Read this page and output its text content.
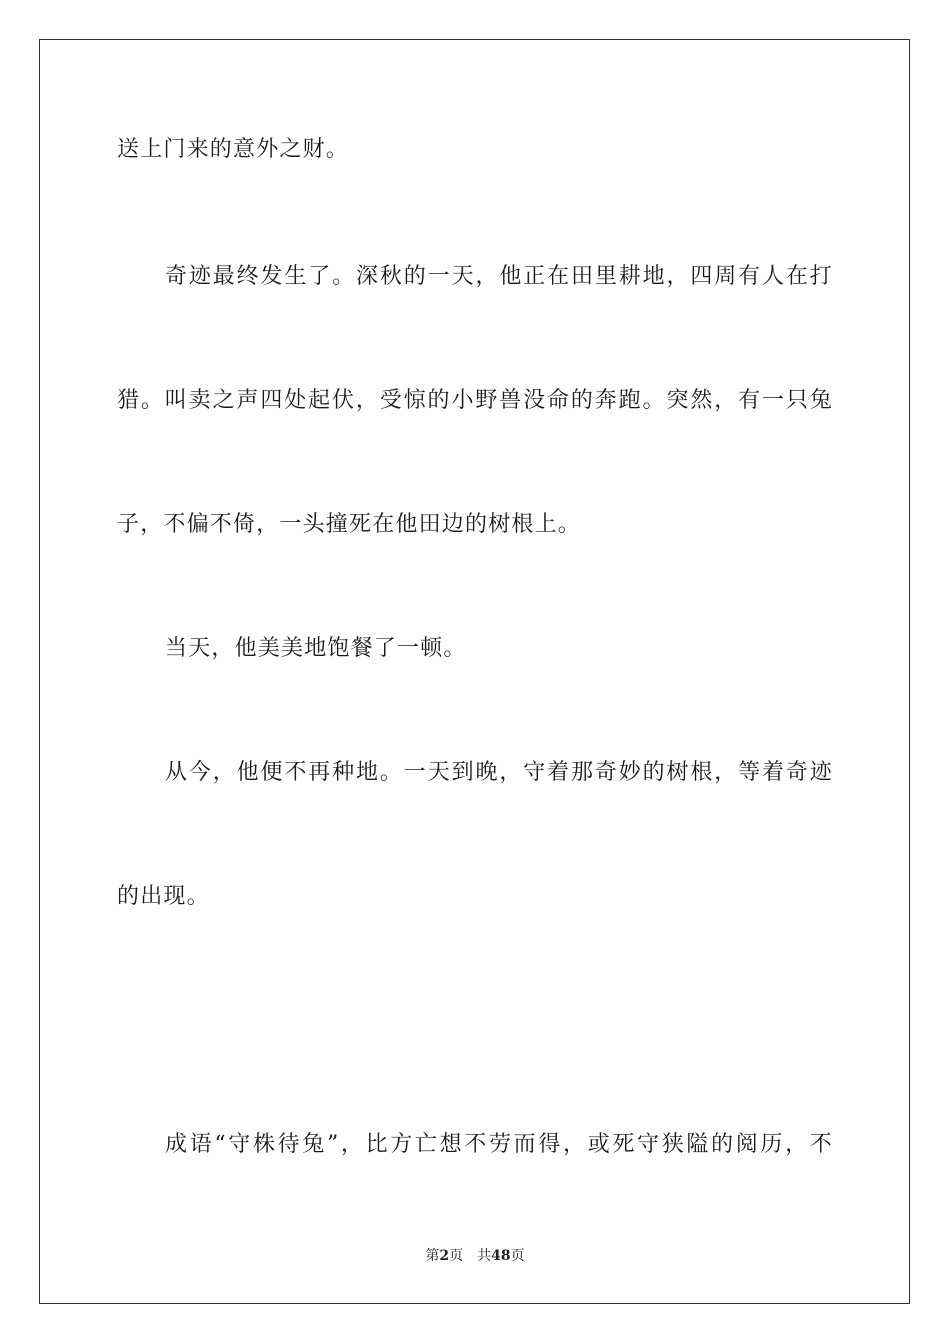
送上门来的意外之财。
奇迹最终发生了。深秋的一天，他正在田里耕地，四周有人在打
猎。叫卖之声四处起伏，受惊的小野兽没命的奔跑。突然，有一只兔
子，不偏不倚，一头撞死在他田边的树根上。
当天，他美美地饱餐了一顿。
从今，他便不再种地。一天到晚，守着那奇妙的树根，等着奇迹
的出现。
成语“守株待兔”，比方亡想不劳而得，或死守狭隘的阅历，不
第2页 共48页
